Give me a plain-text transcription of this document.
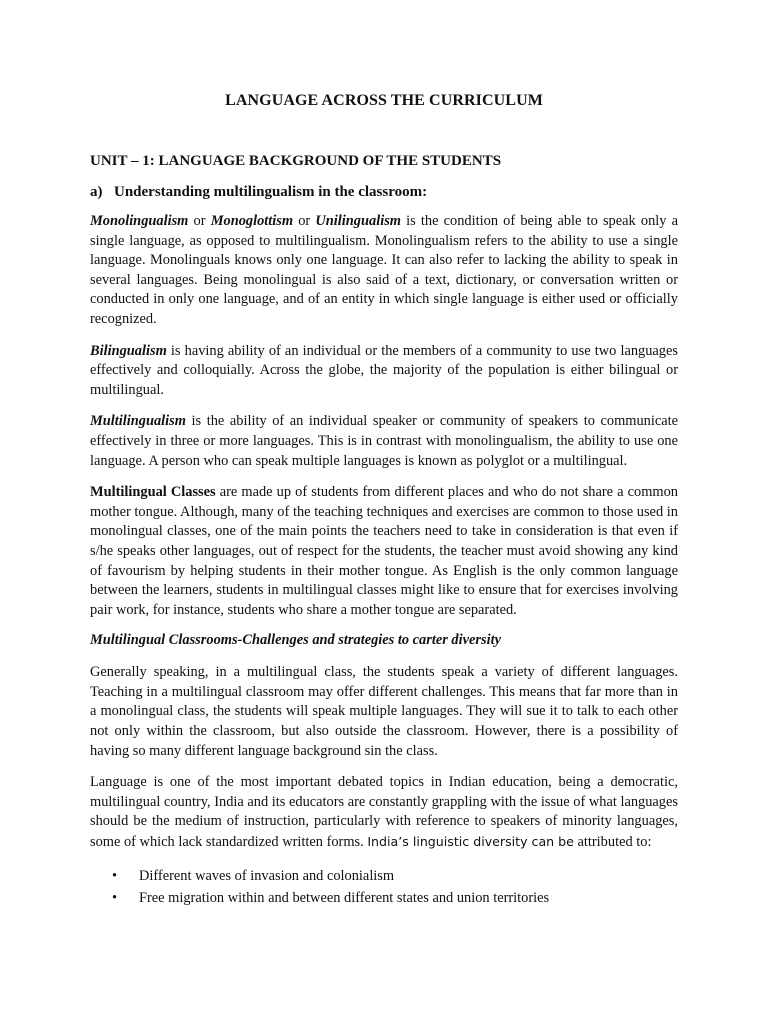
LANGUAGE ACROSS THE CURRICULUM
UNIT – 1: LANGUAGE BACKGROUND OF THE STUDENTS
a) Understanding multilingualism in the classroom:

Monolingualism or Monoglottism or Unilingualism is the condition of being able to speak only a single language, as opposed to multilingualism. Monolingualism refers to the ability to use a single language. Monolinguals knows only one language. It can also refer to lacking the ability to speak in several languages. Being monolingual is also said of a text, dictionary, or conversation written or conducted in only one language, and of an entity in which single language is either used or officially recognized.

Bilingualism is having ability of an individual or the members of a community to use two languages effectively and colloquially. Across the globe, the majority of the population is either bilingual or multilingual.

Multilingualism is the ability of an individual speaker or community of speakers to communicate effectively in three or more languages. This is in contrast with monolingualism, the ability to use one language. A person who can speak multiple languages is known as polyglot or a multilingual.

Multilingual Classes are made up of students from different places and who do not share a common mother tongue. Although, many of the teaching techniques and exercises are common to those used in monolingual classes, one of the main points the teachers need to take in consideration is that even if s/he speaks other languages, out of respect for the students, the teacher must avoid showing any kind of favourism by helping students in their mother tongue. As English is the only common language between the learners, students in multilingual classes might like to ensure that for exercises involving pair work, for instance, students who share a mother tongue are separated.

Multilingual Classrooms-Challenges and strategies to carter diversity

Generally speaking, in a multilingual class, the students speak a variety of different languages. Teaching in a multilingual classroom may offer different challenges. This means that far more than in a monolingual class, the students will speak multiple languages. They will sue it to talk to each other not only within the classroom, but also outside the classroom. However, there is a possibility of having so many different language background sin the class.

Language is one of the most important debated topics in Indian education, being a democratic, multilingual country, India and its educators are constantly grappling with the issue of what languages should be the medium of instruction, particularly with reference to speakers of minority languages, some of which lack standardized written forms. India’s linguistic diversity can be attributed to:

•	Different waves of invasion and colonialism
•	Free migration within and between different states and union territories
